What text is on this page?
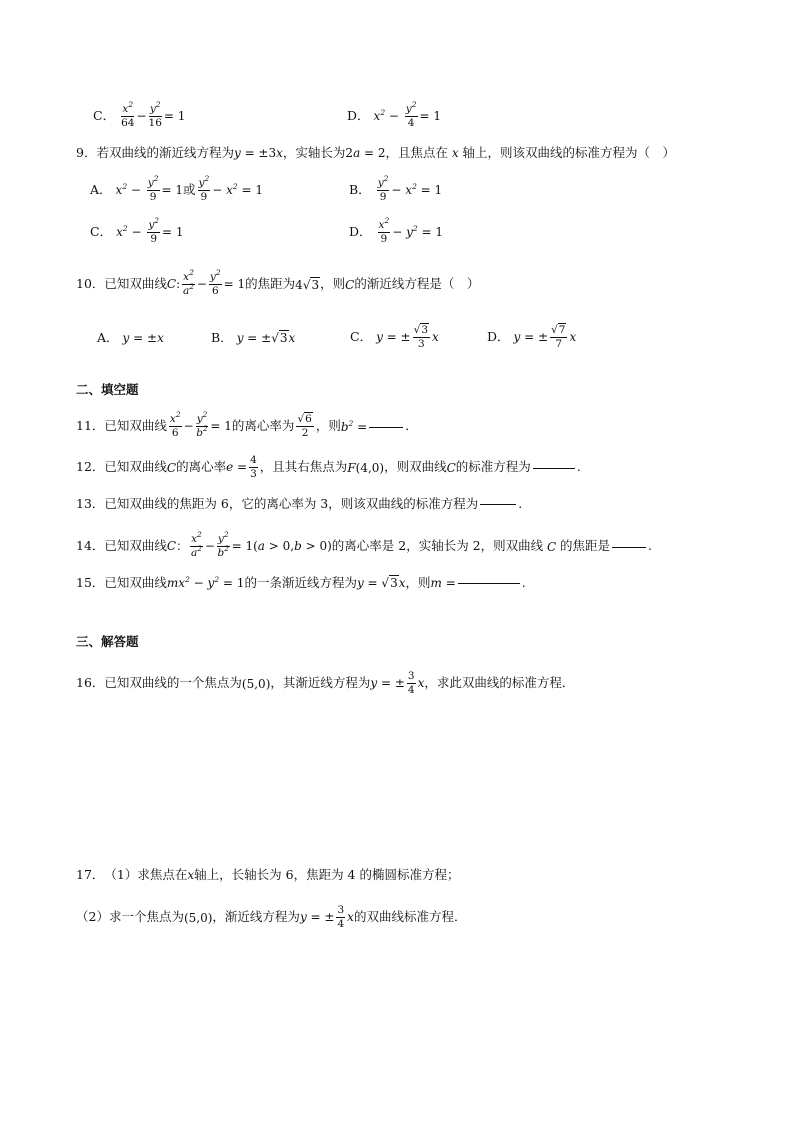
C． $\frac{x^2}{64} - \frac{y^2}{16} = 1$	D． $x^2 - \frac{y^2}{4} = 1$
9． 若双曲线的渐近线方程为 y = ±3x ，实轴长为 2a = 2 ，且焦点在 x 轴上，则该双曲线的标准方程为（　）
A． $x^2 - \frac{y^2}{9} = 1$ 或 $\frac{y^2}{9} - x^2 = 1$	B． $\frac{y^2}{9} - x^2 = 1$
C． $x^2 - \frac{y^2}{9} = 1$	D． $\frac{x^2}{9} - y^2 = 1$
10． 已知双曲线 C: $\frac{x^2}{a^2} - \frac{y^2}{6} = 1$ 的焦距为 4√3 ，则 C 的渐近线方程是（　）
A． y = ±x	B． y = ±√3x	C． y = ± $\frac{√3}{3}$ x	D． y = ± $\frac{√7}{7}$ x
二、填空题
11． 已知双曲线 $\frac{x^2}{6} - \frac{y^2}{b^2} = 1$ 的离心率为 $\frac{√6}{2}$ ，则 $b^2$ =	．
12． 已知双曲线 C 的离心率 $e = \frac{4}{3}$ ，且其右焦点为 F(4,0) ，则双曲线 C 的标准方程为	.
13． 已知双曲线的焦距为 6，它的离心率为 3，则该双曲线的标准方程为	.
14． 已知双曲线 C： $\frac{x^2}{a^2} - \frac{y^2}{b^2} = 1(a > 0,b > 0)$ 的离心率是 2，实轴长为 2，则双曲线 C 的焦距是	.
15． 已知双曲线 $mx^2 - y^2 = 1$ 的一条渐近线方程为 y = √3x ，则 m =	.
三、解答题
16． 已知双曲线的一个焦点为 (5,0) ，其渐近线方程为 y = ± $\frac{3}{4}$ x ，求此双曲线的标准方程．
17． （1）求焦点在 x 轴上，长轴长为 6，焦距为 4 的椭圆标准方程；
（2）求一个焦点为 (5,0) ，渐近线方程为 y = ± $\frac{3}{4}$ x 的双曲线标准方程．
